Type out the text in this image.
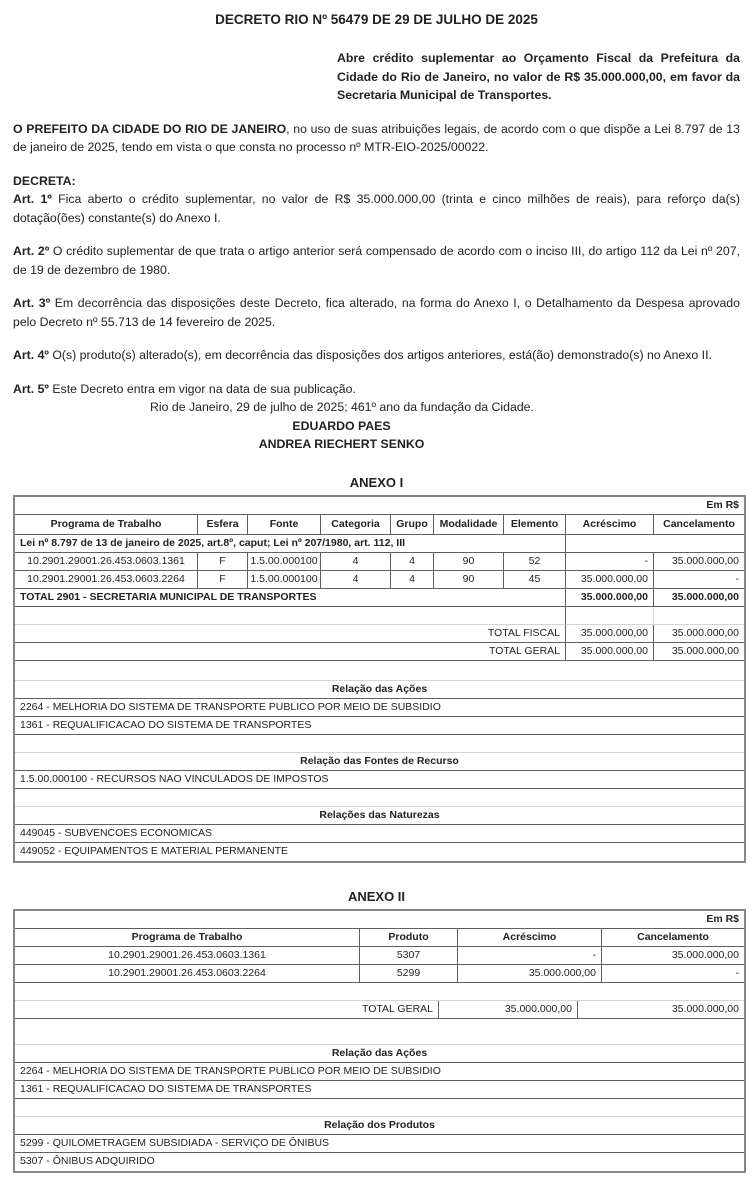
DECRETO RIO Nº 56479 DE 29 DE JULHO DE 2025
Abre crédito suplementar ao Orçamento Fiscal da Prefeitura da Cidade do Rio de Janeiro, no valor de R$ 35.000.000,00, em favor da Secretaria Municipal de Transportes.

O PREFEITO DA CIDADE DO RIO DE JANEIRO, no uso de suas atribuições legais, de acordo com o que dispõe a Lei 8.797 de 13 de janeiro de 2025, tendo em vista o que consta no processo nº MTR-EIO-2025/00022.

DECRETA:
Art. 1º Fica aberto o crédito suplementar, no valor de R$ 35.000.000,00 (trinta e cinco milhões de reais), para reforço da(s) dotação(ões) constante(s) do Anexo I.

Art. 2º O crédito suplementar de que trata o artigo anterior será compensado de acordo com o inciso III, do artigo 112 da Lei nº 207, de 19 de dezembro de 1980.

Art. 3º Em decorrência das disposições deste Decreto, fica alterado, na forma do Anexo I, o Detalhamento da Despesa aprovado pelo Decreto nº 55.713 de 14 fevereiro de 2025.

Art. 4º O(s) produto(s) alterado(s), em decorrência das disposições dos artigos anteriores, está(ão) demonstrado(s) no Anexo II.

Art. 5º Este Decreto entra em vigor na data de sua publicação.
Rio de Janeiro, 29 de julho de 2025; 461º ano da fundação da Cidade.

EDUARDO PAES
ANDREA RIECHERT SENKO
ANEXO I
Em R$
Programa de Trabalho	Esfera	Fonte	Categoria	Grupo	Modalidade	Elemento	Acréscimo	Cancelamento
Lei nº 8.797 de 13 de janeiro de 2025, art.8º, caput; Lei nº 207/1980, art. 112, III
10.2901.29001.26.453.0603.1361	F	1.5.00.000100	4	4	90	52	-	35.000.000,00
10.2901.29001.26.453.0603.2264	F	1.5.00.000100	4	4	90	45	35.000.000,00	-
TOTAL 2901 - SECRETARIA MUNICIPAL DE TRANSPORTES	35.000.000,00	35.000.000,00
TOTAL FISCAL	35.000.000,00	35.000.000,00
TOTAL GERAL	35.000.000,00	35.000.000,00
Relação das Ações
2264 - MELHORIA DO SISTEMA DE TRANSPORTE PUBLICO POR MEIO DE SUBSIDIO
1361 - REQUALIFICACAO DO SISTEMA DE TRANSPORTES
Relação das Fontes de Recurso
1.5.00.000100 - RECURSOS NAO VINCULADOS DE IMPOSTOS
Relações das Naturezas
449045 - SUBVENCOES ECONOMICAS
449052 - EQUIPAMENTOS E MATERIAL PERMANENTE
ANEXO II
Em R$
Programa de Trabalho	Produto	Acréscimo	Cancelamento
10.2901.29001.26.453.0603.1361	5307	-	35.000.000,00
10.2901.29001.26.453.0603.2264	5299	35.000.000,00	-
TOTAL GERAL	35.000.000,00	35.000.000,00
Relação das Ações
2264 - MELHORIA DO SISTEMA DE TRANSPORTE PUBLICO POR MEIO DE SUBSIDIO
1361 - REQUALIFICACAO DO SISTEMA DE TRANSPORTES
Relação dos Produtos
5299 - QUILOMETRAGEM SUBSIDIADA - SERVIÇO DE ÔNIBUS
5307 - ÔNIBUS ADQUIRIDO
